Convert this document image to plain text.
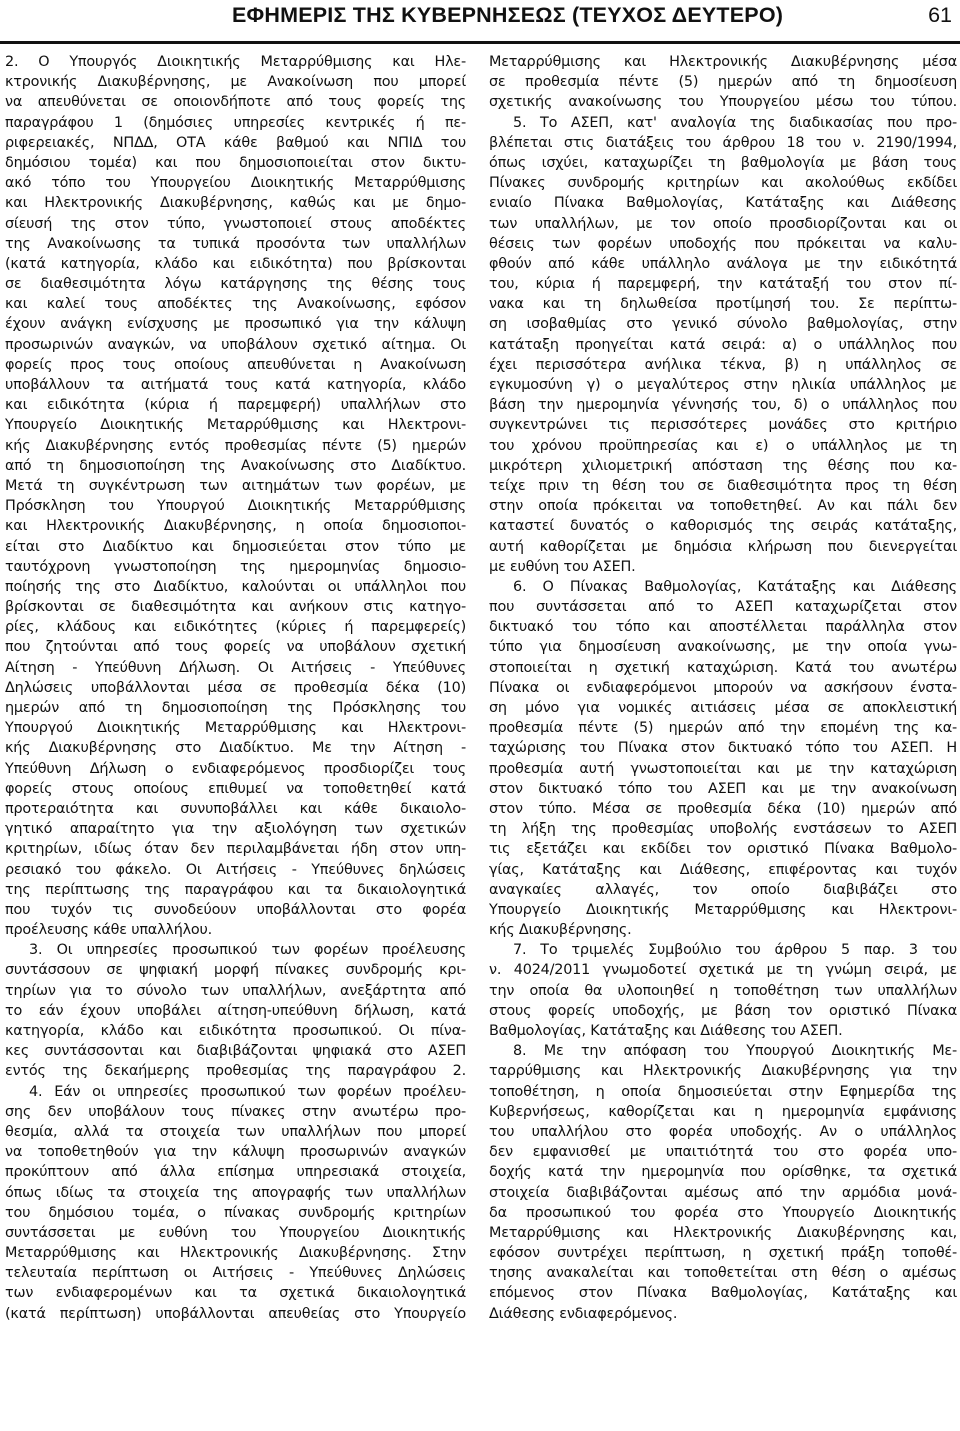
ΕΦΗΜΕΡΙΣ ΤΗΣ ΚΥΒΕΡΝΗΣΕΩΣ (ΤΕΥΧΟΣ ΔΕΥΤΕΡΟ)	61
2. Ο Υπουργός Διοικητικής Μεταρρύθμισης και Ηλε-
κτρονικής Διακυβέρνησης, με Ανακοίνωση που μπορεί
να απευθύνεται σε οποιονδήποτε από τους φορείς της
παραγράφου 1 (δημόσιες υπηρεσίες κεντρικές ή πε-
ριφερειακές, ΝΠΔΔ, ΟΤΑ κάθε βαθμού και ΝΠΙΔ του
δημόσιου τομέα) και που δημοσιοποιείται στον δικτυ-
ακό τόπο του Υπουργείου Διοικητικής Μεταρρύθμισης
και Ηλεκτρονικής Διακυβέρνησης, καθώς και με δημο-
σίευσή της στον τύπο, γνωστοποιεί στους αποδέκτες
της Ανακοίνωσης τα τυπικά προσόντα των υπαλλήλων
(κατά κατηγορία, κλάδο και ειδικότητα) που βρίσκονται
σε διαθεσιμότητα λόγω κατάργησης της θέσης τους
και καλεί τους αποδέκτες της Ανακοίνωσης, εφόσον
έχουν ανάγκη ενίσχυσης με προσωπικό για την κάλυψη
προσωρινών αναγκών, να υποβάλουν σχετικό αίτημα. Οι
φορείς προς τους οποίους απευθύνεται η Ανακοίνωση
υποβάλλουν τα αιτήματά τους κατά κατηγορία, κλάδο
και ειδικότητα (κύρια ή παρεμφερή) υπαλλήλων στο
Υπουργείο Διοικητικής Μεταρρύθμισης και Ηλεκτρονι-
κής Διακυβέρνησης εντός προθεσμίας πέντε (5) ημερών
από τη δημοσιοποίηση της Ανακοίνωσης στο Διαδίκτυο.
Μετά τη συγκέντρωση των αιτημάτων των φορέων, με
Πρόσκληση του Υπουργού Διοικητικής Μεταρρύθμισης
και Ηλεκτρονικής Διακυβέρνησης, η οποία δημοσιοποι-
είται στο Διαδίκτυο και δημοσιεύεται στον τύπο με
ταυτόχρονη γνωστοποίηση της ημερομηνίας δημοσιο-
ποίησής της στο Διαδίκτυο, καλούνται οι υπάλληλοι που
βρίσκονται σε διαθεσιμότητα και ανήκουν στις κατηγο-
ρίες, κλάδους και ειδικότητες (κύριες ή παρεμφερείς)
που ζητούνται από τους φορείς να υποβάλουν σχετική
Αίτηση - Υπεύθυνη Δήλωση. Οι Αιτήσεις - Υπεύθυνες
Δηλώσεις υποβάλλονται μέσα σε προθεσμία δέκα (10)
ημερών από τη δημοσιοποίηση της Πρόσκλησης του
Υπουργού Διοικητικής Μεταρρύθμισης και Ηλεκτρονι-
κής Διακυβέρνησης στο Διαδίκτυο. Με την Αίτηση -
Υπεύθυνη Δήλωση ο ενδιαφερόμενος προσδιορίζει τους
φορείς στους οποίους επιθυμεί να τοποθετηθεί κατά
προτεραιότητα και συνυποβάλλει και κάθε δικαιολο-
γητικό απαραίτητο για την αξιολόγηση των σχετικών
κριτηρίων, ιδίως όταν δεν περιλαμβάνεται ήδη στον υπη-
ρεσιακό του φάκελο. Οι Αιτήσεις - Υπεύθυνες δηλώσεις
της περίπτωσης της παραγράφου και τα δικαιολογητικά
που τυχόν τις συνοδεύουν υποβάλλονται στο φορέα
προέλευσης κάθε υπαλλήλου.
3. Οι υπηρεσίες προσωπικού των φορέων προέλευσης
συντάσσουν σε ψηφιακή μορφή πίνακες συνδρομής κρι-
τηρίων για το σύνολο των υπαλλήλων, ανεξάρτητα από
το εάν έχουν υποβάλει αίτηση-υπεύθυνη δήλωση, κατά
κατηγορία, κλάδο και ειδικότητα προσωπικού. Οι πίνα-
κες συντάσσονται και διαβιβάζονται ψηφιακά στο ΑΣΕΠ
εντός της δεκαήμερης προθεσμίας της παραγράφου 2.
4. Εάν οι υπηρεσίες προσωπικού των φορέων προέλευ-
σης δεν υποβάλουν τους πίνακες στην ανωτέρω προ-
θεσμία, αλλά τα στοιχεία των υπαλλήλων που μπορεί
να τοποθετηθούν για την κάλυψη προσωρινών αναγκών
προκύπτουν από άλλα επίσημα υπηρεσιακά στοιχεία,
όπως ιδίως τα στοιχεία της απογραφής των υπαλλήλων
του δημόσιου τομέα, ο πίνακας συνδρομής κριτηρίων
συντάσσεται με ευθύνη του Υπουργείου Διοικητικής
Μεταρρύθμισης και Ηλεκτρονικής Διακυβέρνησης. Στην
τελευταία περίπτωση οι Αιτήσεις - Υπεύθυνες Δηλώσεις
των ενδιαφερομένων και τα σχετικά δικαιολογητικά
(κατά περίπτωση) υποβάλλονται απευθείας στο Υπουργείο
Μεταρρύθμισης και Ηλεκτρονικής Διακυβέρνησης μέσα
σε προθεσμία πέντε (5) ημερών από τη δημοσίευση
σχετικής ανακοίνωσης του Υπουργείου μέσω του τύπου.
5. Το ΑΣΕΠ, κατ' αναλογία της διαδικασίας που προ-
βλέπεται στις διατάξεις του άρθρου 18 του ν. 2190/1994,
όπως ισχύει, καταχωρίζει τη βαθμολογία με βάση τους
Πίνακες συνδρομής κριτηρίων και ακολούθως εκδίδει
ενιαίο Πίνακα Βαθμολογίας, Κατάταξης και Διάθεσης
των υπαλλήλων, με τον οποίο προσδιορίζονται και οι
θέσεις των φορέων υποδοχής που πρόκειται να καλυ-
φθούν από κάθε υπάλληλο ανάλογα με την ειδικότητά
του, κύρια ή παρεμφερή, την κατάταξή του στον πί-
νακα και τη δηλωθείσα προτίμησή του. Σε περίπτω-
ση ισοβαθμίας στο γενικό σύνολο βαθμολογίας, στην
κατάταξη προηγείται κατά σειρά: α) ο υπάλληλος που
έχει περισσότερα ανήλικα τέκνα, β) η υπάλληλος σε
εγκυμοσύνη γ) ο μεγαλύτερος στην ηλικία υπάλληλος με
βάση την ημερομηνία γέννησής του, δ) ο υπάλληλος που
συγκεντρώνει τις περισσότερες μονάδες στο κριτήριο
του χρόνου προϋπηρεσίας και ε) ο υπάλληλος με τη
μικρότερη χιλιομετρική απόσταση της θέσης που κα-
τείχε πριν τη θέση του σε διαθεσιμότητα προς τη θέση
στην οποία πρόκειται να τοποθετηθεί. Αν και πάλι δεν
καταστεί δυνατός ο καθορισμός της σειράς κατάταξης,
αυτή καθορίζεται με δημόσια κλήρωση που διενεργείται
με ευθύνη του ΑΣΕΠ.
6. Ο Πίνακας Βαθμολογίας, Κατάταξης και Διάθεσης
που συντάσσεται από το ΑΣΕΠ καταχωρίζεται στον
δικτυακό του τόπο και αποστέλλεται παράλληλα στον
τύπο για δημοσίευση ανακοίνωσης, με την οποία γνω-
στοποιείται η σχετική καταχώριση. Κατά του ανωτέρω
Πίνακα οι ενδιαφερόμενοι μπορούν να ασκήσουν ένστα-
ση μόνο για νομικές αιτιάσεις μέσα σε αποκλειστική
προθεσμία πέντε (5) ημερών από την επομένη της κα-
ταχώρισης του Πίνακα στον δικτυακό τόπο του ΑΣΕΠ. Η
προθεσμία αυτή γνωστοποιείται και με την καταχώριση
στον δικτυακό τόπο του ΑΣΕΠ και με την ανακοίνωση
στον τύπο. Μέσα σε προθεσμία δέκα (10) ημερών από
τη λήξη της προθεσμίας υποβολής ενστάσεων το ΑΣΕΠ
τις εξετάζει και εκδίδει τον οριστικό Πίνακα Βαθμολο-
γίας, Κατάταξης και Διάθεσης, επιφέροντας και τυχόν
αναγκαίες αλλαγές, τον οποίο διαβιβάζει στο
Υπουργείο Διοικητικής Μεταρρύθμισης και Ηλεκτρονι-
κής Διακυβέρνησης.
7. Το τριμελές Συμβούλιο του άρθρου 5 παρ. 3 του
ν. 4024/2011 γνωμοδοτεί σχετικά με τη γνώμη σειρά, με
την οποία θα υλοποιηθεί η τοποθέτηση των υπαλλήλων
στους φορείς υποδοχής, με βάση τον οριστικό Πίνακα
Βαθμολογίας, Κατάταξης και Διάθεσης του ΑΣΕΠ.
8. Με την απόφαση του Υπουργού Διοικητικής Με-
ταρρύθμισης και Ηλεκτρονικής Διακυβέρνησης για την
τοποθέτηση, η οποία δημοσιεύεται στην Εφημερίδα της
Κυβερνήσεως, καθορίζεται και η ημερομηνία εμφάνισης
του υπαλλήλου στο φορέα υποδοχής. Αν ο υπάλληλος
δεν εμφανισθεί με υπαιτιότητά του στο φορέα υπο-
δοχής κατά την ημερομηνία που ορίσθηκε, τα σχετικά
στοιχεία διαβιβάζονται αμέσως από την αρμόδια μονά-
δα προσωπικού του φορέα στο Υπουργείο Διοικητικής
Μεταρρύθμισης και Ηλεκτρονικής Διακυβέρνησης και,
εφόσον συντρέχει περίπτωση, η σχετική πράξη τοποθέ-
τησης ανακαλείται και τοποθετείται στη θέση ο αμέσως
επόμενος στον Πίνακα Βαθμολογίας, Κατάταξης και
Διάθεσης ενδιαφερόμενος.
